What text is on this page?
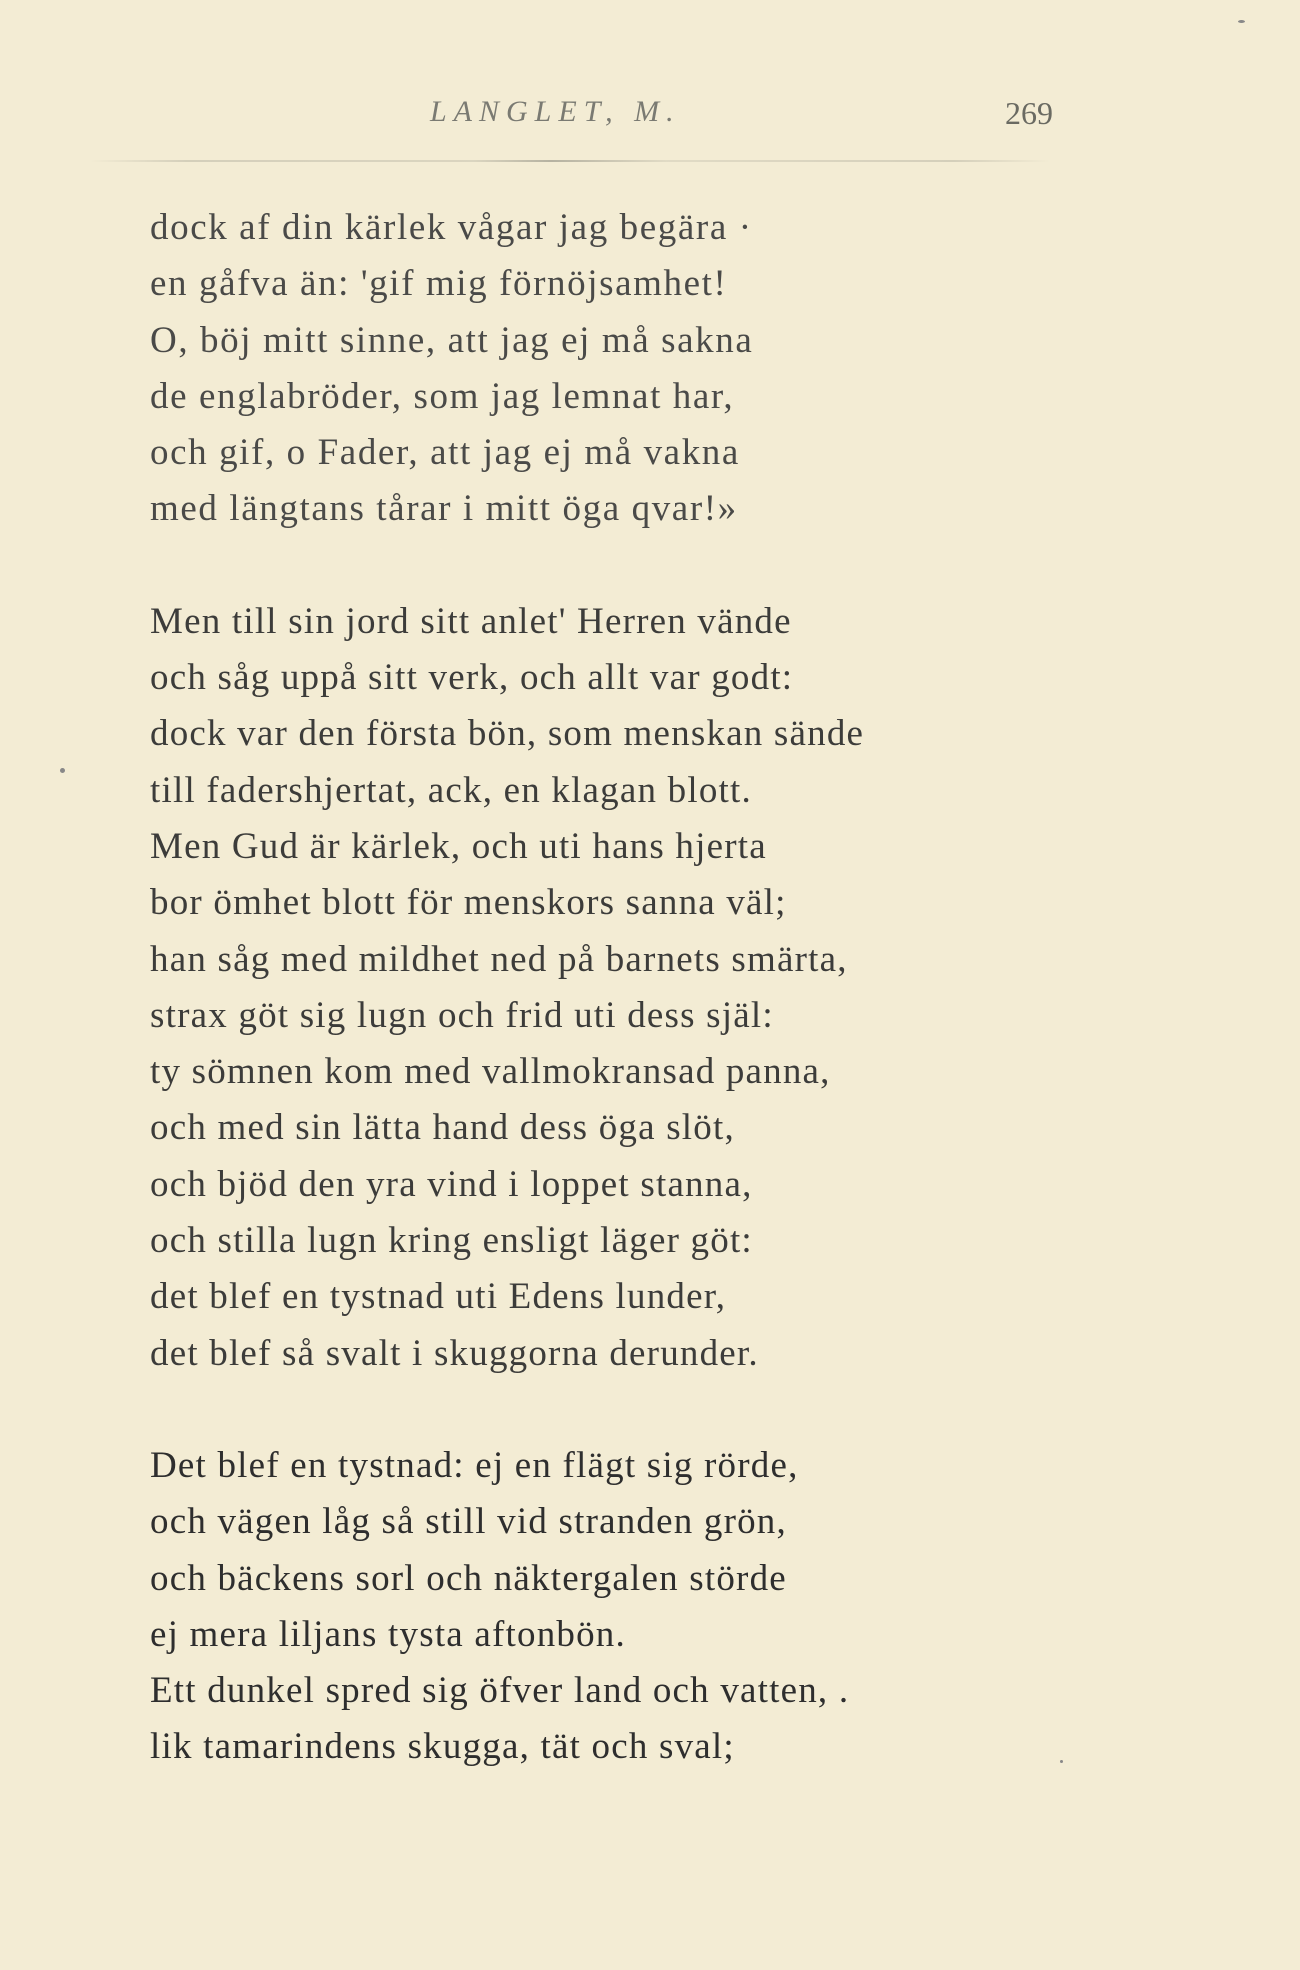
LANGLET, M.	269
dock af din kärlek vågar jag begära ·
en gåfva än: 'gif mig förnöjsamhet!
O, böj mitt sinne, att jag ej må sakna
de englabröder, som jag lemnat har,
och gif, o Fader, att jag ej må vakna
med längtans tårar i mitt öga qvar!»
Men till sin jord sitt anlet' Herren vände
och såg uppå sitt verk, och allt var godt:
dock var den första bön, som menskan sände
till fadershjertat, ack, en klagan blott.
Men Gud är kärlek, och uti hans hjerta
bor ömhet blott för menskors sanna väl;
han såg med mildhet ned på barnets smärta,
strax göt sig lugn och frid uti dess själ:
ty sömnen kom med vallmokransad panna,
och med sin lätta hand dess öga slöt,
och bjöd den yra vind i loppet stanna,
och stilla lugn kring ensligt läger göt:
det blef en tystnad uti Edens lunder,
det blef så svalt i skuggorna derunder.
Det blef en tystnad: ej en flägt sig rörde,
och vägen låg så still vid stranden grön,
och bäckens sorl och näktergalen störde
ej mera liljans tysta aftonbön.
Ett dunkel spred sig öfver land och vatten, .
lik tamarindens skugga, tät och sval;
